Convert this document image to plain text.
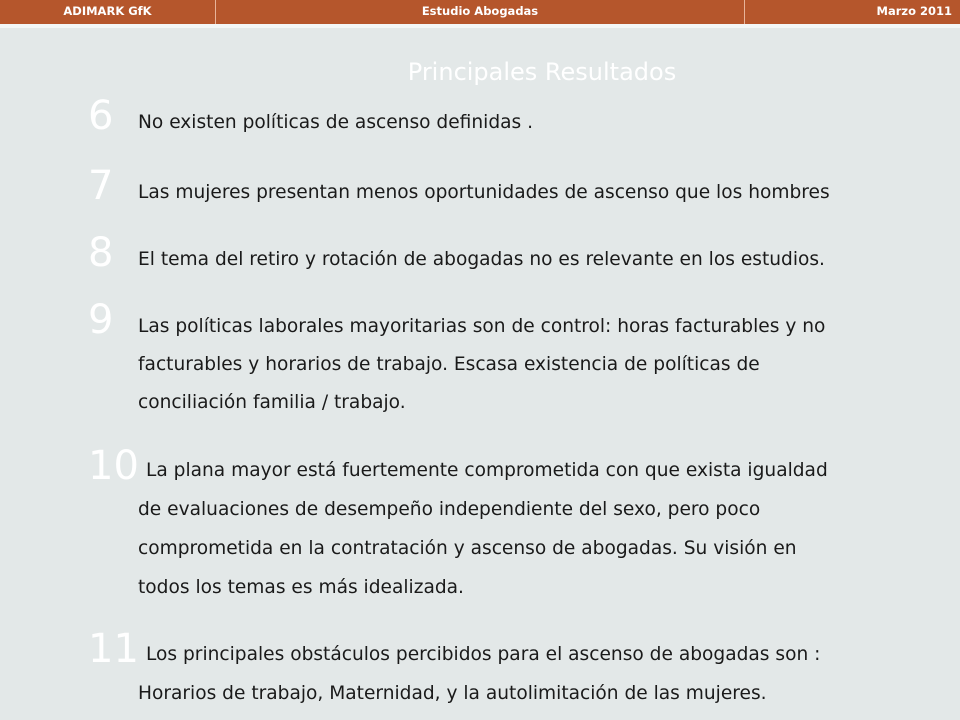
ADIMARK GfK	Estudio Abogadas	Marzo 2011
Principales Resultados
6 No existen políticas de ascenso definidas .
7 Las mujeres presentan menos oportunidades de ascenso que los hombres
8 El tema del retiro y rotación de abogadas no es relevante en los estudios.
9 Las políticas laborales mayoritarias son de control: horas facturables y no
facturables y horarios de trabajo. Escasa existencia de políticas de
conciliación familia / trabajo.
10 La plana mayor está fuertemente comprometida con que exista igualdad
de evaluaciones de desempeño independiente del sexo, pero poco
comprometida en la contratación y ascenso de abogadas. Su visión en
todos los temas es más idealizada.
11 Los principales obstáculos percibidos para el ascenso de abogadas son :
Horarios de trabajo, Maternidad, y la autolimitación de las mujeres.
